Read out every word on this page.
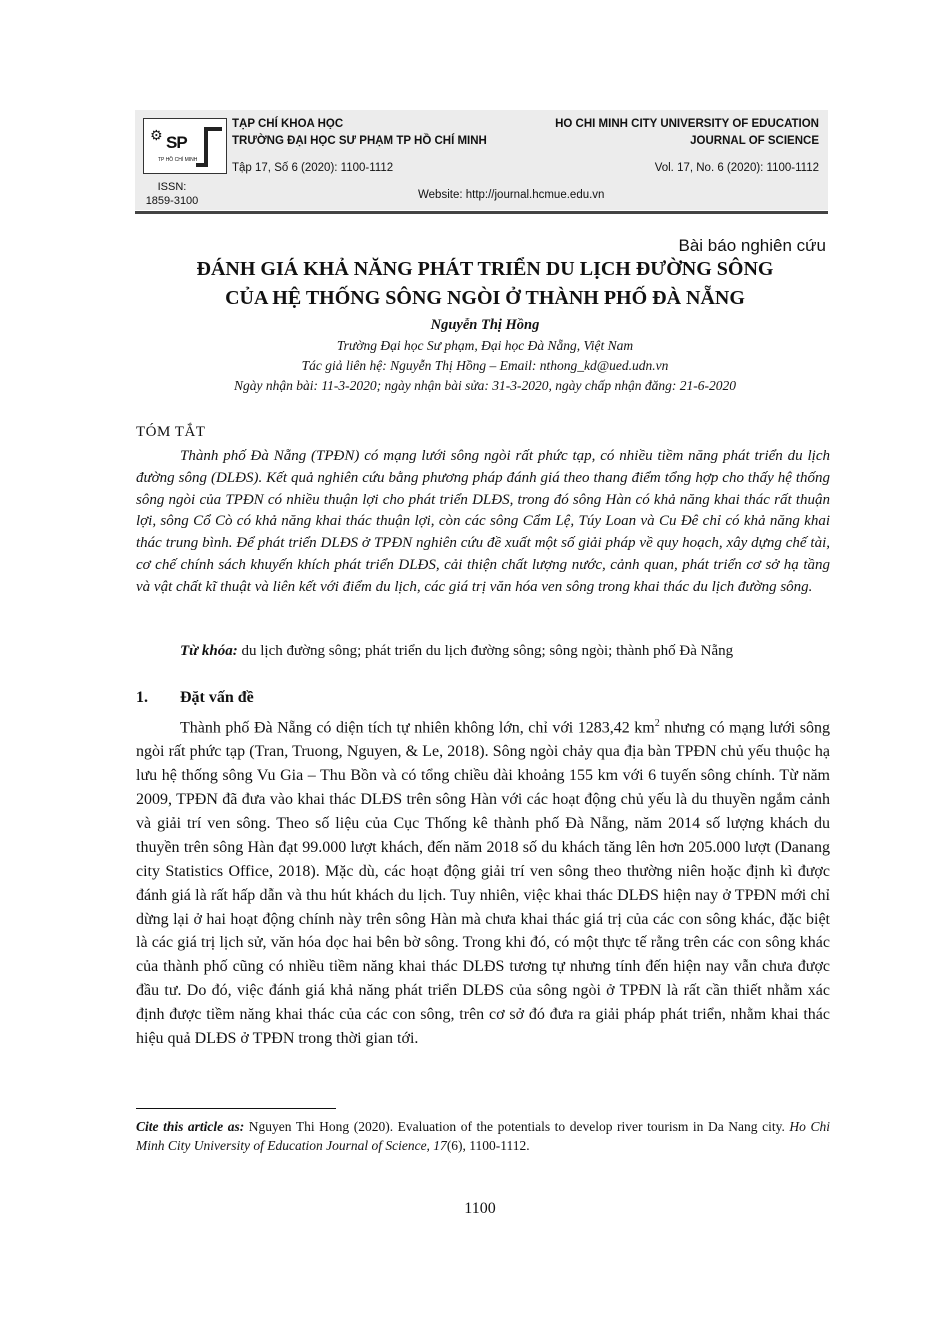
⚙ SP
TP HỒ CHÍ MINH
TẠP CHÍ KHOA HỌC
TRƯỜNG ĐẠI HỌC SƯ PHẠM TP HỒ CHÍ MINH
Tập 17, Số 6 (2020): 1100-1112
HO CHI MINH CITY UNIVERSITY OF EDUCATION
JOURNAL OF SCIENCE
Vol. 17, No. 6 (2020): 1100-1112
ISSN:
1859-3100	Website: http://journal.hcmue.edu.vn
Bài báo nghiên cứu
ĐÁNH GIÁ KHẢ NĂNG PHÁT TRIỂN DU LỊCH ĐƯỜNG SÔNG
CỦA HỆ THỐNG SÔNG NGÒI Ở THÀNH PHỐ ĐÀ NẴNG
Nguyễn Thị Hồng
Trường Đại học Sư phạm, Đại học Đà Nẵng, Việt Nam
Tác giả liên hệ: Nguyễn Thị Hồng – Email: nthong_kd@ued.udn.vn
Ngày nhận bài: 11-3-2020; ngày nhận bài sửa: 31-3-2020, ngày chấp nhận đăng: 21-6-2020
TÓM TẮT

Thành phố Đà Nẵng (TPĐN) có mạng lưới sông ngòi rất phức tạp, có nhiều tiềm năng phát triển du lịch đường sông (DLĐS). Kết quả nghiên cứu bằng phương pháp đánh giá theo thang điểm tổng hợp cho thấy hệ thống sông ngòi của TPĐN có nhiều thuận lợi cho phát triển DLĐS, trong đó sông Hàn có khả năng khai thác rất thuận lợi, sông Cổ Cò có khả năng khai thác thuận lợi, còn các sông Cẩm Lệ, Túy Loan và Cu Đê chỉ có khả năng khai thác trung bình. Để phát triển DLĐS ở TPĐN nghiên cứu đề xuất một số giải pháp về quy hoạch, xây dựng chế tài, cơ chế chính sách khuyến khích phát triển DLĐS, cải thiện chất lượng nước, cảnh quan, phát triển cơ sở hạ tầng và vật chất kĩ thuật và liên kết với điểm du lịch, các giá trị văn hóa ven sông trong khai thác du lịch đường sông.

Từ khóa: du lịch đường sông; phát triển du lịch đường sông; sông ngòi; thành phố Đà Nẵng
1. Đặt vấn đề

Thành phố Đà Nẵng có diện tích tự nhiên không lớn, chỉ với 1283,42 $km^2$ nhưng có mạng lưới sông ngòi rất phức tạp (Tran, Truong, Nguyen, & Le, 2018). Sông ngòi chảy qua địa bàn TPĐN chủ yếu thuộc hạ lưu hệ thống sông Vu Gia – Thu Bồn và có tổng chiều dài khoảng 155 km với 6 tuyến sông chính. Từ năm 2009, TPĐN đã đưa vào khai thác DLĐS trên sông Hàn với các hoạt động chủ yếu là du thuyền ngắm cảnh và giải trí ven sông. Theo số liệu của Cục Thống kê thành phố Đà Nẵng, năm 2014 số lượng khách du thuyền trên sông Hàn đạt 99.000 lượt khách, đến năm 2018 số du khách tăng lên hơn 205.000 lượt (Danang city Statistics Office, 2018). Mặc dù, các hoạt động giải trí ven sông theo thường niên hoặc định kì được đánh giá là rất hấp dẫn và thu hút khách du lịch. Tuy nhiên, việc khai thác DLĐS hiện nay ở TPĐN mới chỉ dừng lại ở hai hoạt động chính này trên sông Hàn mà chưa khai thác giá trị của các con sông khác, đặc biệt là các giá trị lịch sử, văn hóa dọc hai bên bờ sông. Trong khi đó, có một thực tế rằng trên các con sông khác của thành phố cũng có nhiều tiềm năng khai thác DLĐS tương tự nhưng tính đến hiện nay vẫn chưa được đầu tư. Do đó, việc đánh giá khả năng phát triển DLĐS của sông ngòi ở TPĐN là rất cần thiết nhằm xác định được tiềm năng khai thác của các con sông, trên cơ sở đó đưa ra giải pháp phát triển, nhằm khai thác hiệu quả DLĐS ở TPĐN trong thời gian tới.

Cite this article as: Nguyen Thi Hong (2020). Evaluation of the potentials to develop river tourism in Da Nang city. Ho Chi Minh City University of Education Journal of Science, 17(6), 1100-1112.

1100
